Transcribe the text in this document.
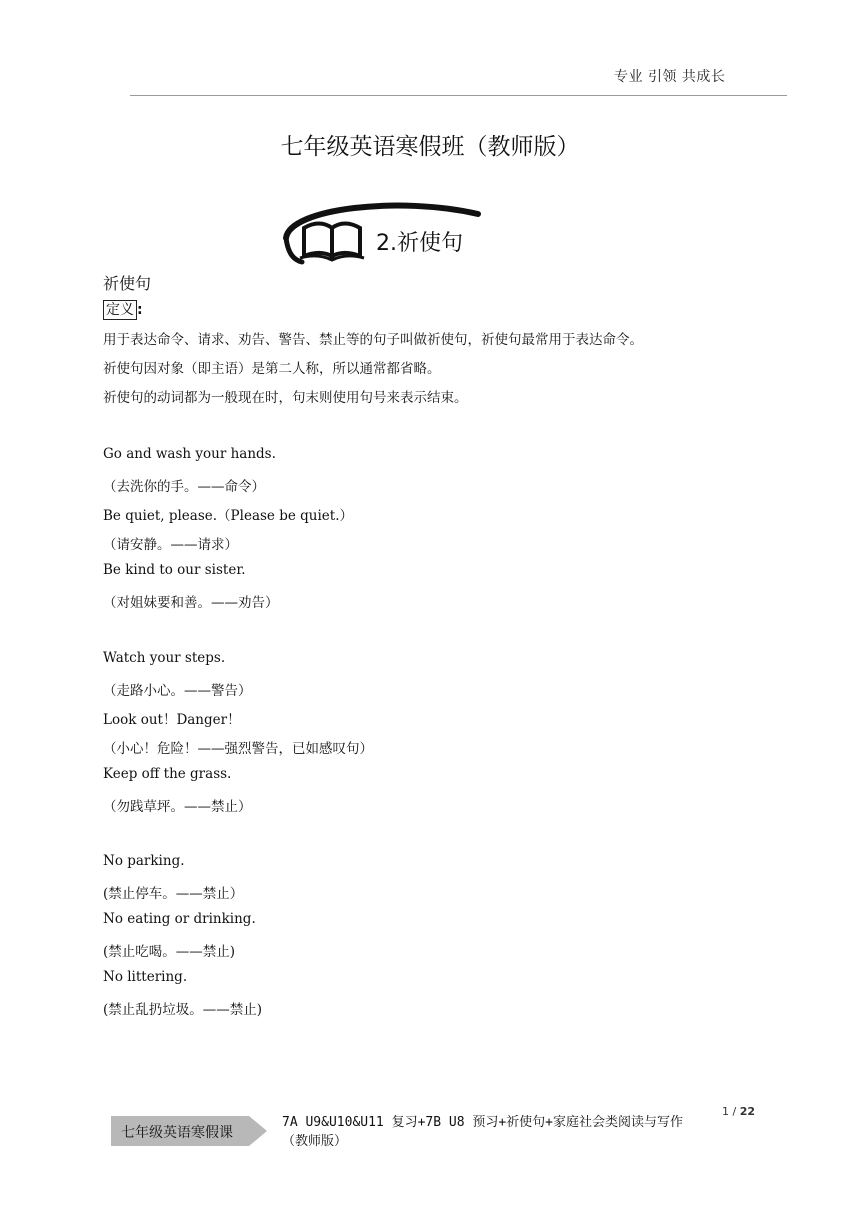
专业 引领 共成长
七年级英语寒假班（教师版）
2.祈使句
祈使句
定义 :
用于表达命令、请求、劝告、警告、禁止等的句子叫做祈使句，祈使句最常用于表达命令。
祈使句因对象（即主语）是第二人称，所以通常都省略。
祈使句的动词都为一般现在时，句末则使用句号来表示结束。
Go and wash your hands.
（去洗你的手。——命令）
Be quiet, please.（Please be quiet.）
（请安静。——请求）
Be kind to our sister.
（对姐妹要和善。——劝告）
Watch your steps.
（走路小心。——警告）
Look out！Danger！
（小心！危险！——强烈警告，已如感叹句）
Keep off the grass.
（勿践草坪。——禁止）
No parking.
(禁止停车。——禁止）
No eating or drinking.
(禁止吃喝。——禁止)
No littering.
(禁止乱扔垃圾。——禁止)
七年级英语寒假课
7A U9&U10&U11 复习+7B U8 预习+祈使句+家庭社会类阅读与写作
（教师版）
1 / 22
